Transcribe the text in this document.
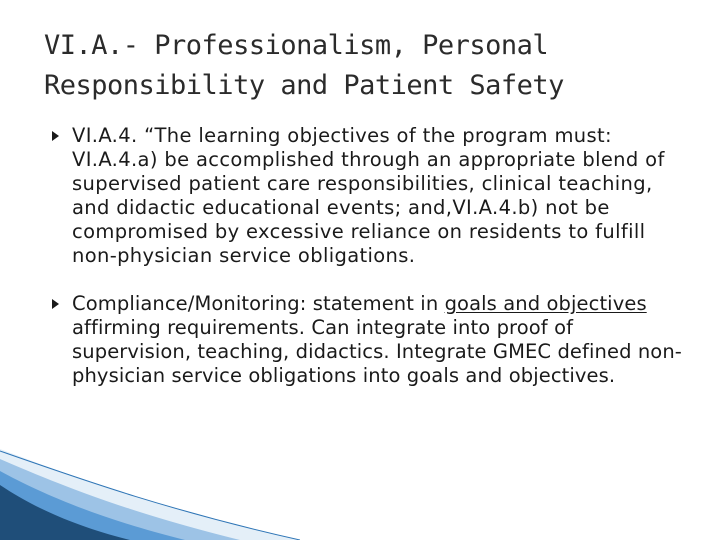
VI.A.- Professionalism, Personal
Responsibility and Patient Safety
VI.A.4. “The learning objectives of the program must: VI.A.4.a) be accomplished through an appropriate blend of supervised patient care responsibilities, clinical teaching, and didactic educational events; and,VI.A.4.b) not be compromised by excessive reliance on residents to fulfill non-physician service obligations.
Compliance/Monitoring: statement in goals and objectives affirming requirements. Can integrate into proof of supervision, teaching, didactics. Integrate GMEC defined non-physician service obligations into goals and objectives.
